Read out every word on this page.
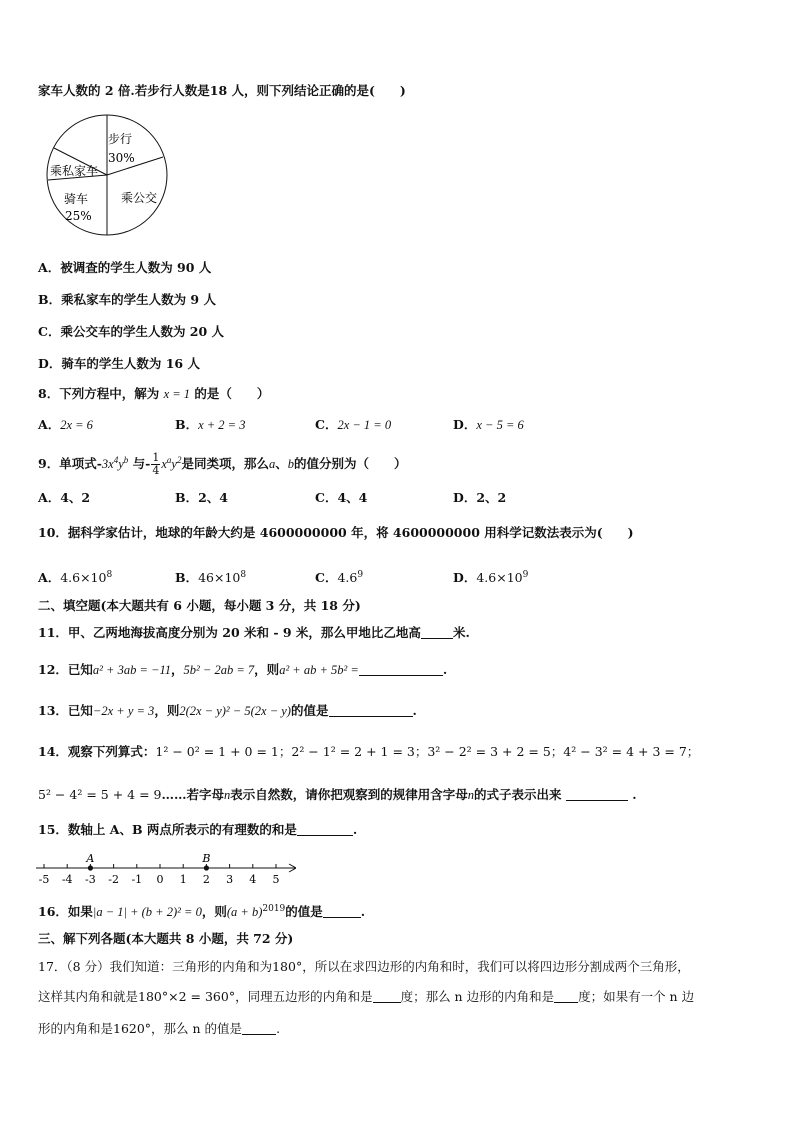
家车人数的 2 倍.若步行人数是18 人，则下列结论正确的是(　　)
步行
30%
乘私家车
骑车
25%
乘公交
A．被调查的学生人数为 90 人
B．乘私家车的学生人数为 9 人
C．乘公交车的学生人数为 20 人
D．骑车的学生人数为 16 人
8．下列方程中，解为 x = 1 的是（　　）
A．2x = 6	B．x + 2 = 3	C．2x − 1 = 0	D．x − 5 = 6
9．单项式$-3x^4y^b$ 与- $\frac{1}{4} x^ay^2$是同类项，那么a、b的值分别为（　　）
A．4、2	B．2、4	C．4、4	D．2、2
10．据科学家估计，地球的年龄大约是 4600000000 年，将 4600000000 用科学记数法表示为(　　)
A．$4.6\times 10^8$	B．$46\times 10^8$	C．$4.6^9$	D．$4.6\times 10^9$
二、填空题(本大题共有 6 小题，每小题 3 分，共 18 分)
11．甲、乙两地海拔高度分别为 20 米和 - 9 米，那么甲地比乙地高	米.
12．已知a² + 3ab = −11，5b² − 2ab = 7，则a² + ab + 5b² =	.
13．已知−2x + y = 3，则2(2x − y)² − 5(2x − y)的值是	.
14．观察下列算式：1² − 0² = 1 + 0 = 1；2² − 1² = 2 + 1 = 3；3² − 2² = 3 + 2 = 5；4² − 3² = 4 + 3 = 7；
5² − 4² = 5 + 4 = 9……若字母n表示自然数，请你把观察到的规律用含字母n的式子表示出来	.
15．数轴上 A、B 两点所表示的有理数的和是	.
-5 -4 -3 -2 -1 0 1 2 3 4 5
A	B
16．如果|a − 1| + (b + 2)² = 0，则$(a + b)^{2019}$的值是	.
三、解下列各题(本大题共 8 小题，共 72 分)
17．（8 分）我们知道：三角形的内角和为180°，所以在求四边形的内角和时，我们可以将四边形分割成两个三角形，
这样其内角和就是180°×2 = 360°，同理五边形的内角和是 度；那么 n 边形的内角和是 度；如果有一个 n 边
形的内角和是1620°，那么 n 的值是	.
